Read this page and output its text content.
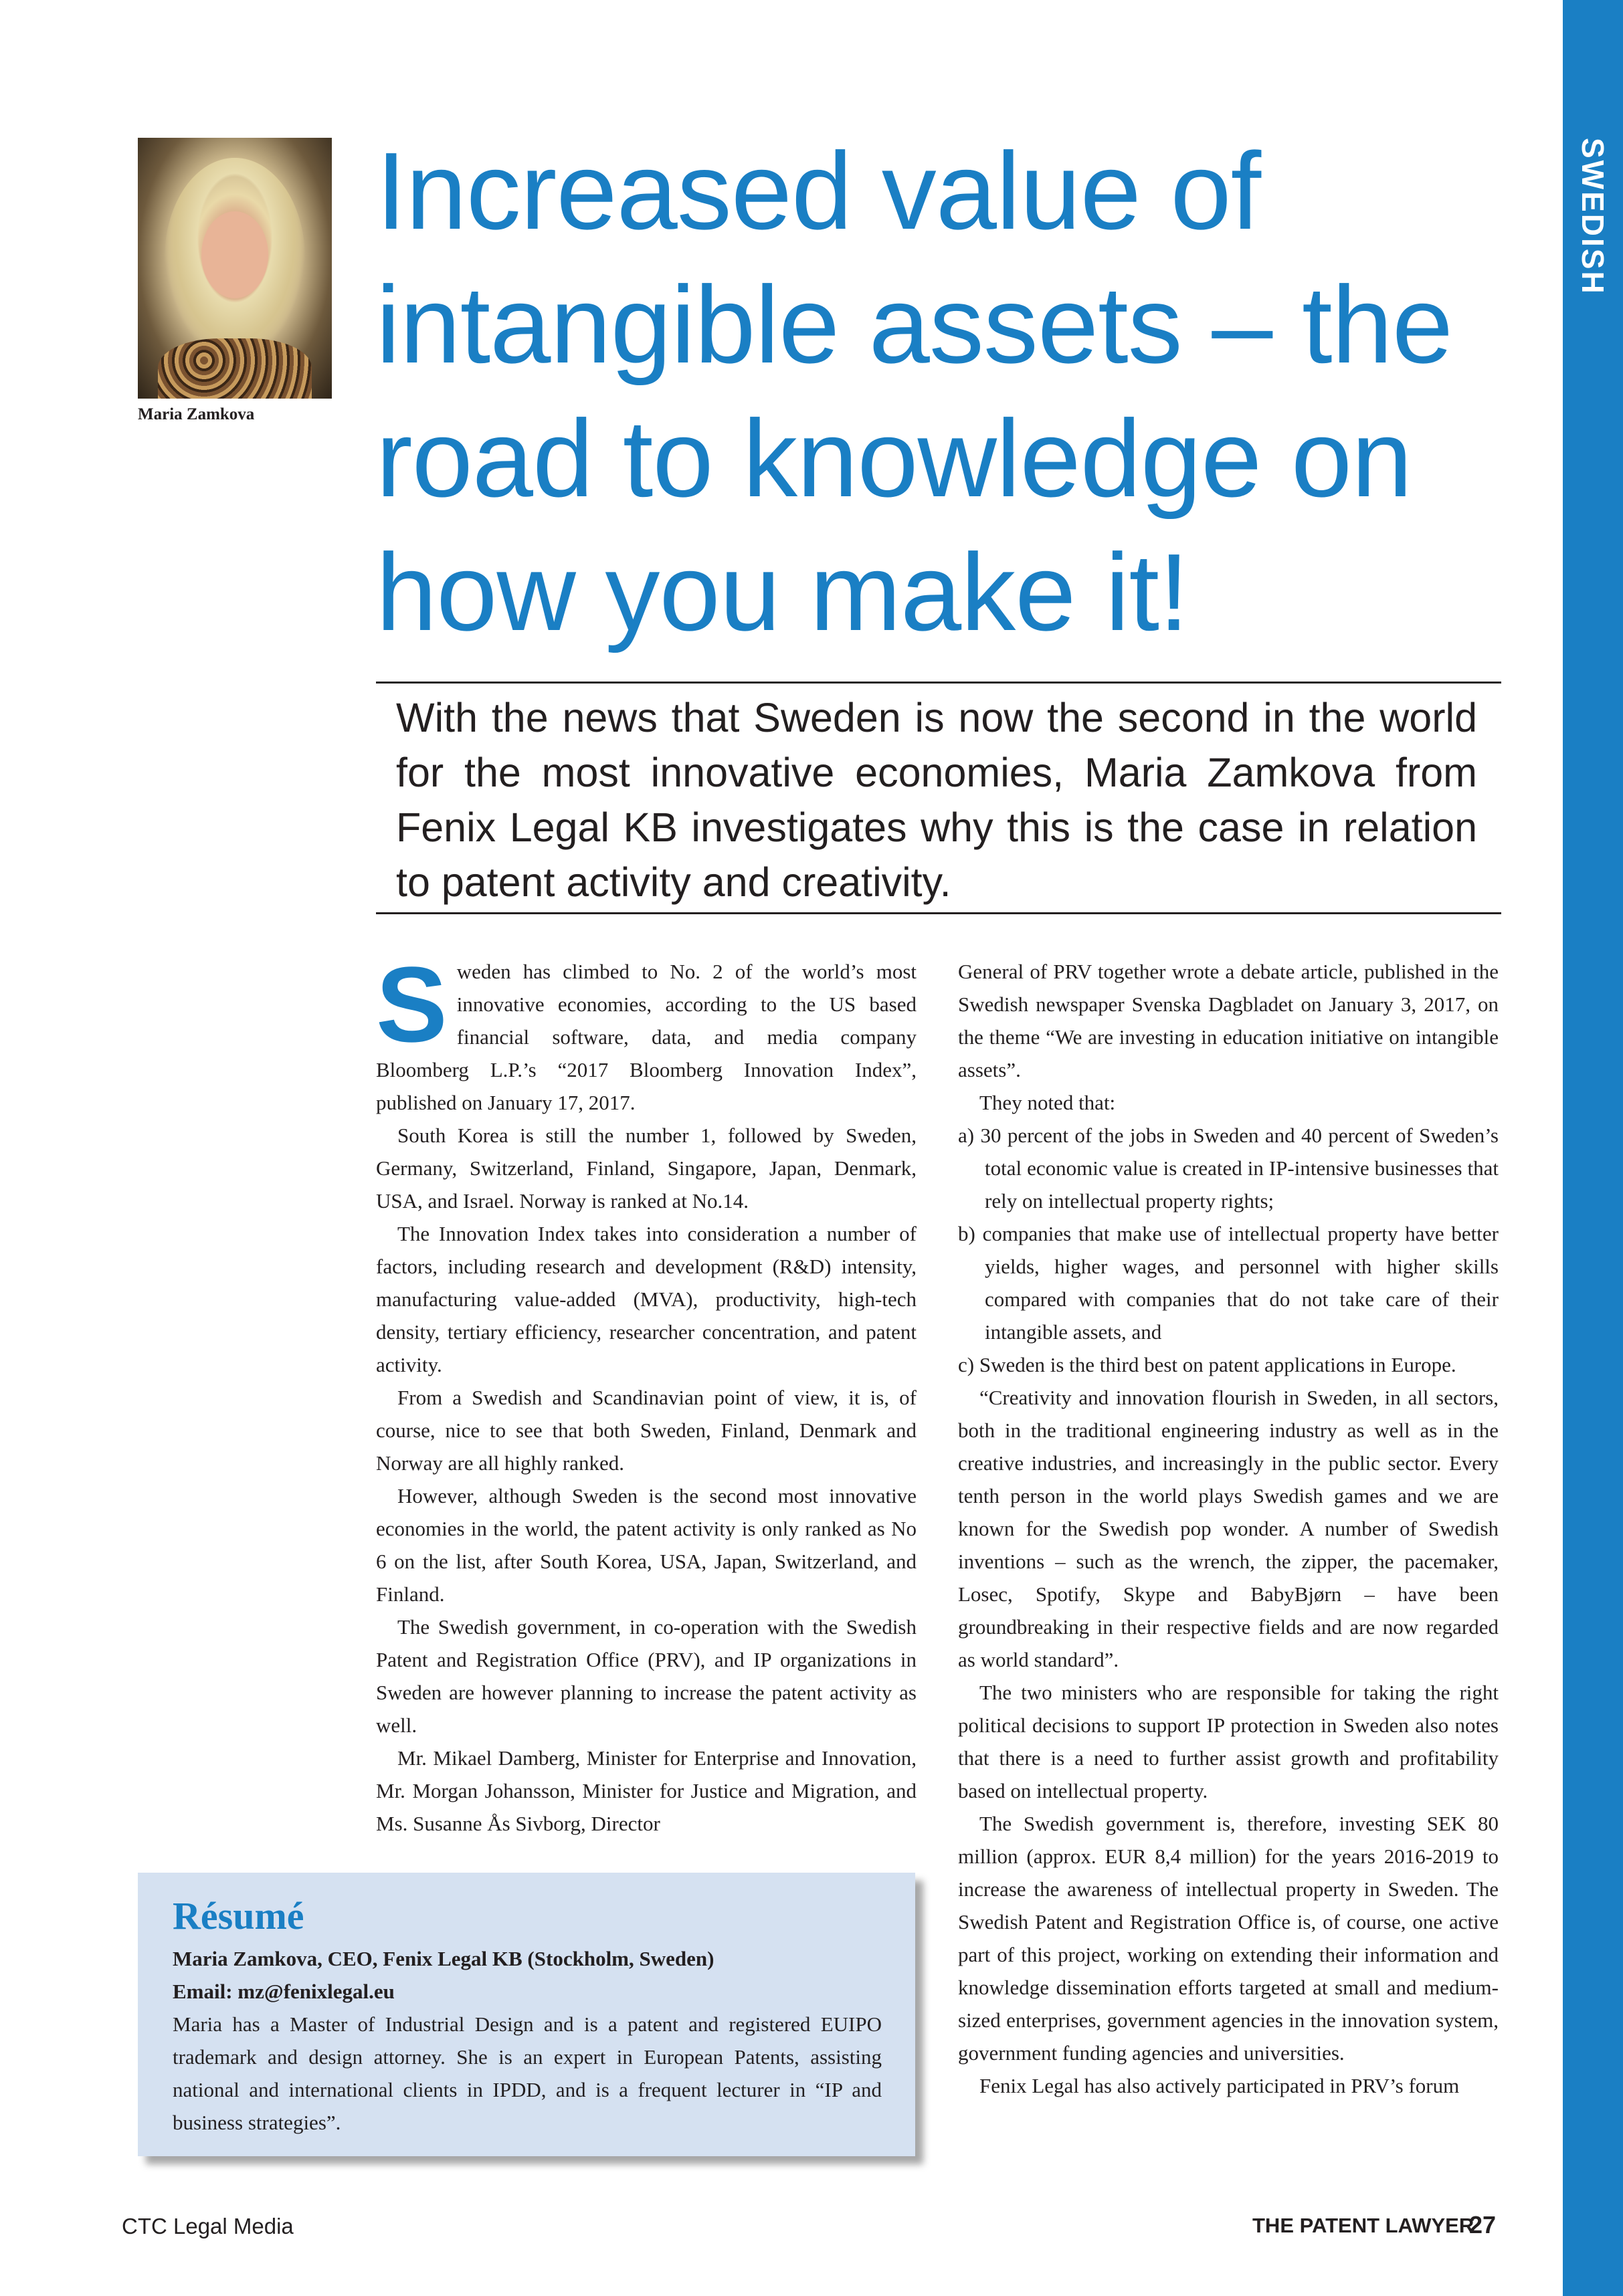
SWEDISH INNOVATION
Maria Zamkova
Increased value of intangible assets – the road to knowledge on how you make it!

With the news that Sweden is now the second in the world for the most innovative economies, Maria Zamkova from Fenix Legal KB investigates why this is the case in relation to patent activity and creativity.

Sweden has climbed to No. 2 of the world’s most innovative economies, according to the US based financial software, data, and media company Bloomberg L.P.’s “2017 Bloomberg Innovation Index”, published on January 17, 2017.

South Korea is still the number 1, followed by Sweden, Germany, Switzerland, Finland, Singapore, Japan, Denmark, USA, and Israel. Norway is ranked at No.14.

The Innovation Index takes into consideration a number of factors, including research and development (R&D) intensity, manufacturing value-added (MVA), productivity, high-tech density, tertiary efficiency, researcher concentration, and patent activity.

From a Swedish and Scandinavian point of view, it is, of course, nice to see that both Sweden, Finland, Denmark and Norway are all highly ranked.

However, although Sweden is the second most innovative economies in the world, the patent activity is only ranked as No 6 on the list, after South Korea, USA, Japan, Switzerland, and Finland.

The Swedish government, in co-operation with the Swedish Patent and Registration Office (PRV), and IP organizations in Sweden are however planning to increase the patent activity as well.

Mr. Mikael Damberg, Minister for Enterprise and Innovation, Mr. Morgan Johansson, Minister for Justice and Migration, and Ms. Susanne Ås Sivborg, Director

General of PRV together wrote a debate article, published in the Swedish newspaper Svenska Dagbladet on January 3, 2017, on the theme “We are investing in education initiative on intangible assets”.

They noted that:

a) 30 percent of the jobs in Sweden and 40 percent of Sweden’s total economic value is created in IP-intensive businesses that rely on intellectual property rights;
b) companies that make use of intellectual property have better yields, higher wages, and personnel with higher skills compared with companies that do not take care of their intangible assets, and
c) Sweden is the third best on patent applications in Europe.

“Creativity and innovation flourish in Sweden, in all sectors, both in the traditional engineering industry as well as in the creative industries, and increasingly in the public sector. Every tenth person in the world plays Swedish games and we are known for the Swedish pop wonder. A number of Swedish inventions – such as the wrench, the zipper, the pacemaker, Losec, Spotify, Skype and BabyBjørn – have been groundbreaking in their respective fields and are now regarded as world standard”.

The two ministers who are responsible for taking the right political decisions to support IP protection in Sweden also notes that there is a need to further assist growth and profitability based on intellectual property.

The Swedish government is, therefore, investing SEK 80 million (approx. EUR 8,4 million) for the years 2016-2019 to increase the awareness of intellectual property in Sweden. The Swedish Patent and Registration Office is, of course, one active part of this project, working on extending their information and knowledge dissemination efforts targeted at small and medium-sized enterprises, government agencies in the innovation system, government funding agencies and universities.

Fenix Legal has also actively participated in PRV’s forum

Résumé

Maria Zamkova, CEO, Fenix Legal KB (Stockholm, Sweden)

Email: mz@fenixlegal.eu

Maria has a Master of Industrial Design and is a patent and registered EUIPO trademark and design attorney. She is an expert in European Patents, assisting national and international clients in IPDD, and is a frequent lecturer in “IP and business strategies”.

CTC Legal Media	THE PATENT LAWYER
27
